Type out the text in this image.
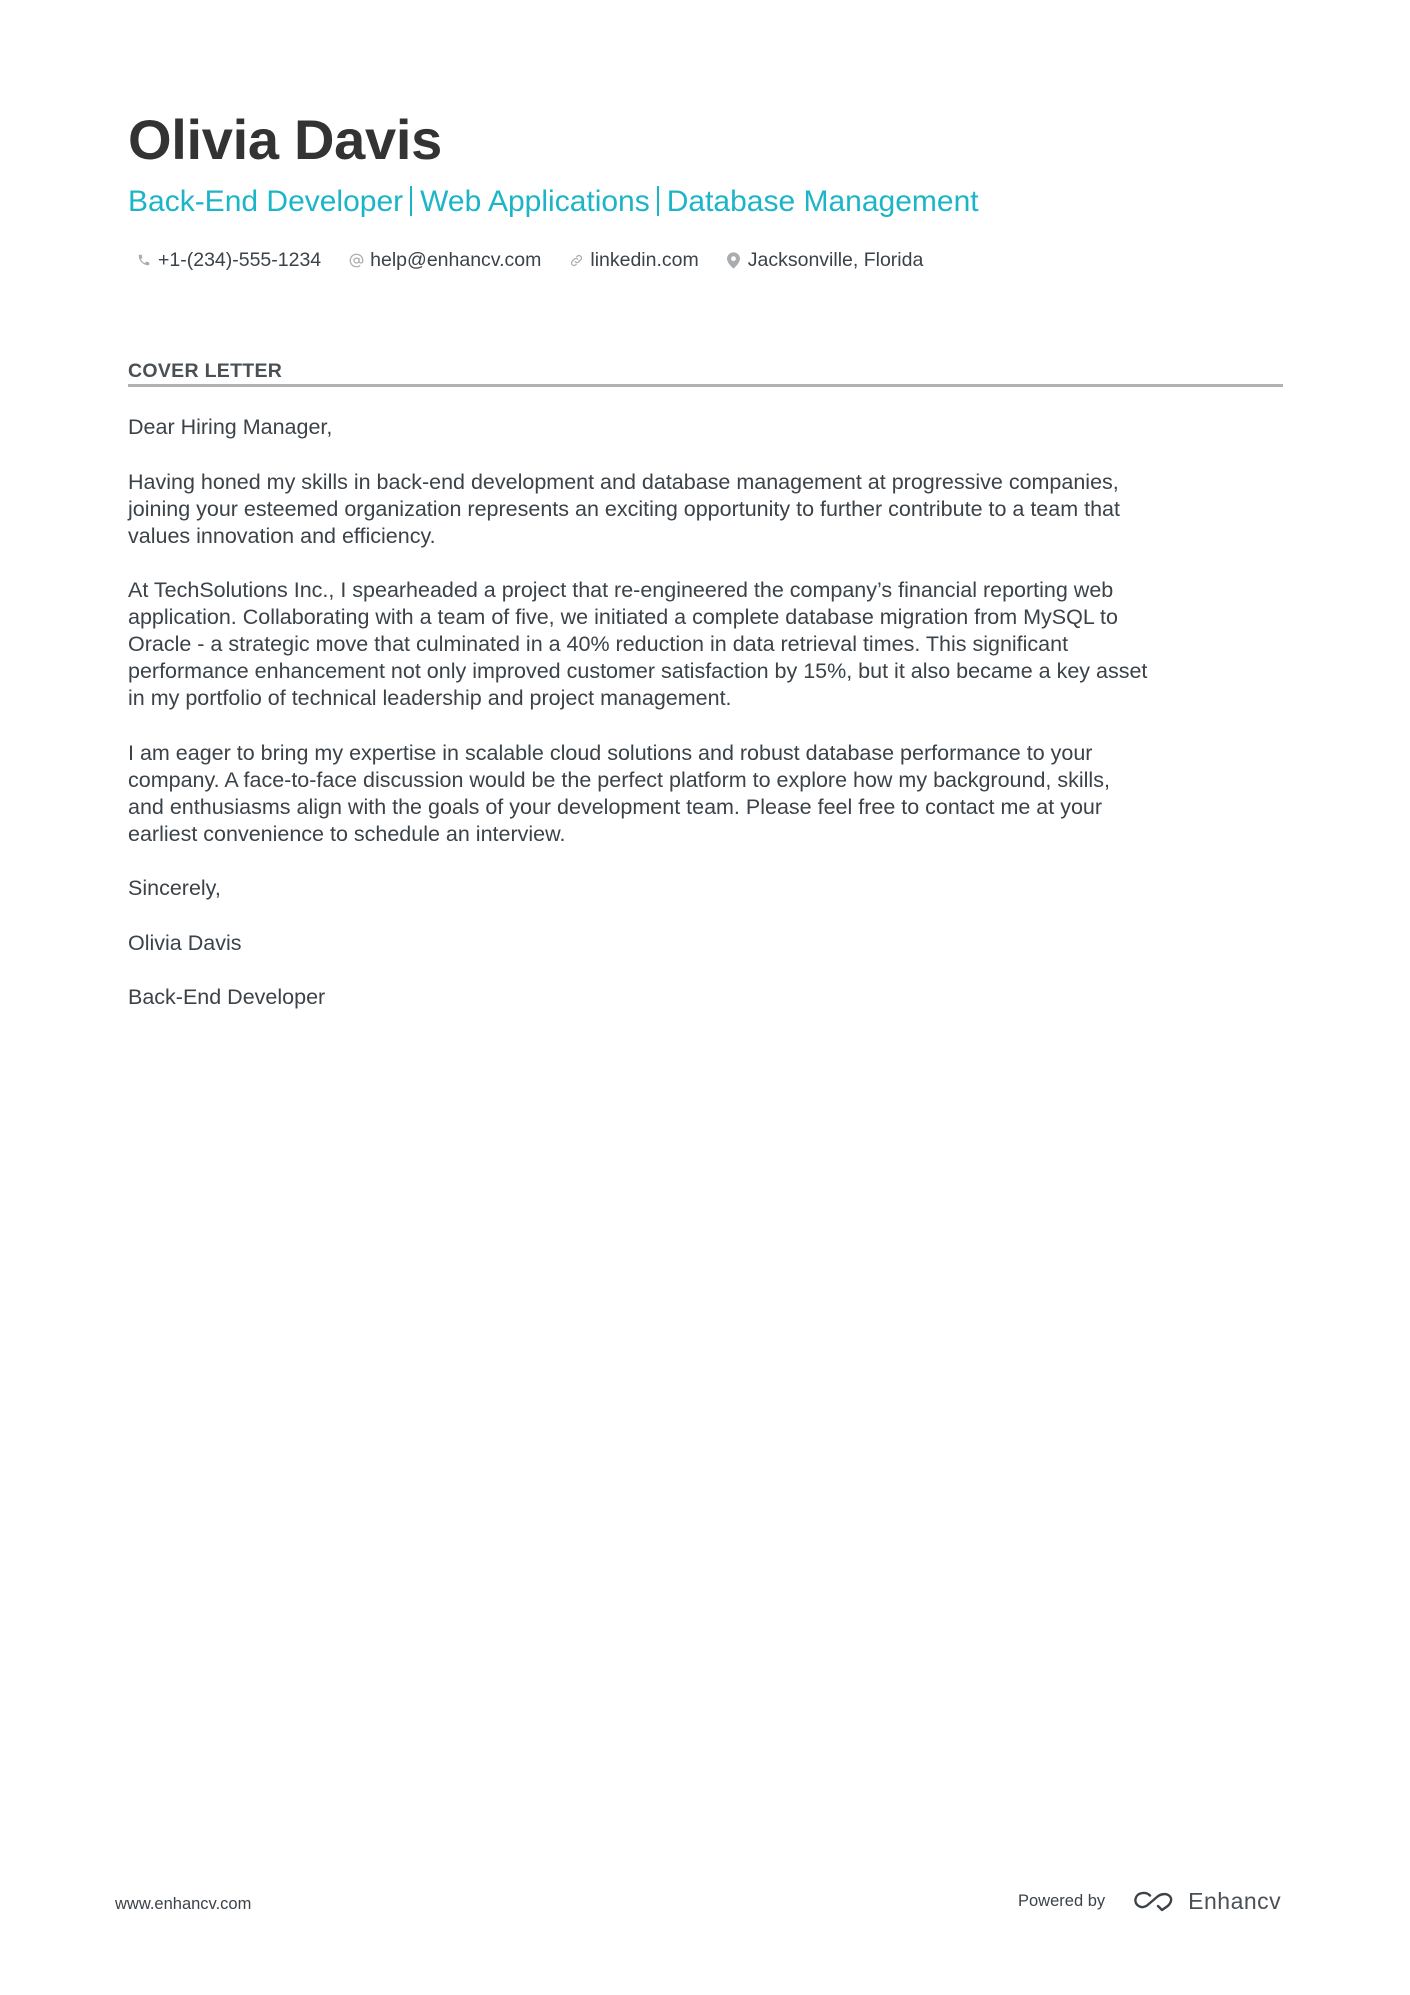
Olivia Davis
Back-End Developer Web Applications Database Management
+1-(234)-555-1234	help@enhancv.com	linkedin.com	Jacksonville, Florida
COVER LETTER

Dear Hiring Manager,

Having honed my skills in back-end development and database management at progressive companies,
joining your esteemed organization represents an exciting opportunity to further contribute to a team that
values innovation and efficiency.

At TechSolutions Inc., I spearheaded a project that re-engineered the company’s financial reporting web
application. Collaborating with a team of five, we initiated a complete database migration from MySQL to
Oracle - a strategic move that culminated in a 40% reduction in data retrieval times. This significant
performance enhancement not only improved customer satisfaction by 15%, but it also became a key asset
in my portfolio of technical leadership and project management.

I am eager to bring my expertise in scalable cloud solutions and robust database performance to your
company. A face-to-face discussion would be the perfect platform to explore how my background, skills,
and enthusiasms align with the goals of your development team. Please feel free to contact me at your
earliest convenience to schedule an interview.

Sincerely,

Olivia Davis

Back-End Developer

www.enhancv.com	Powered by	Enhancv
